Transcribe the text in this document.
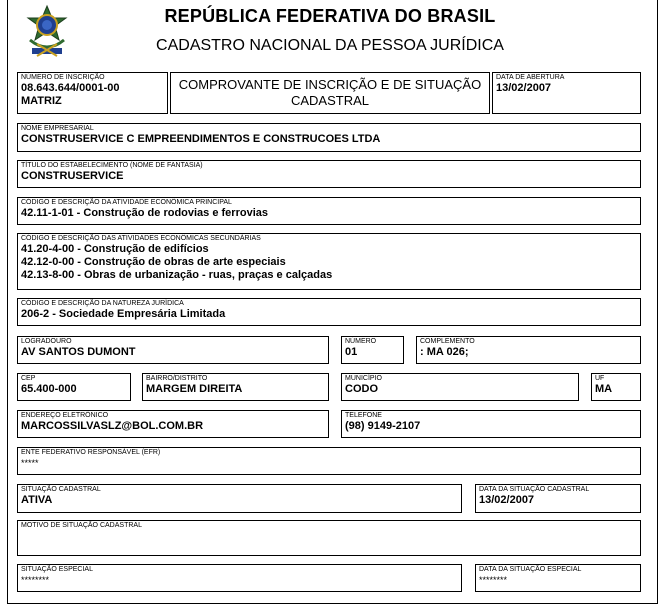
REPÚBLICA FEDERATIVA DO BRASIL
CADASTRO NACIONAL DA PESSOA JURÍDICA
NÚMERO DE INSCRIÇÃO
08.643.644/0001-00
MATRIZ
COMPROVANTE DE INSCRIÇÃO E DE SITUAÇÃO
CADASTRAL
DATA DE ABERTURA
13/02/2007
NOME EMPRESARIAL
CONSTRUSERVICE C EMPREENDIMENTOS E CONSTRUCOES LTDA
TÍTULO DO ESTABELECIMENTO (NOME DE FANTASIA)
CONSTRUSERVICE
CÓDIGO E DESCRIÇÃO DA ATIVIDADE ECONÔMICA PRINCIPAL
42.11-1-01 - Construção de rodovias e ferrovias
CÓDIGO E DESCRIÇÃO DAS ATIVIDADES ECONÔMICAS SECUNDÁRIAS
41.20-4-00 - Construção de edifícios
42.12-0-00 - Construção de obras de arte especiais
42.13-8-00 - Obras de urbanização - ruas, praças e calçadas
CÓDIGO E DESCRIÇÃO DA NATUREZA JURÍDICA
206-2 - Sociedade Empresária Limitada
LOGRADOURO
AV SANTOS DUMONT
NÚMERO
01
COMPLEMENTO
: MA 026;
CEP
65.400-000
BAIRRO/DISTRITO
MARGEM DIREITA
MUNICÍPIO
CODO
UF
MA
ENDEREÇO ELETRÔNICO
MARCOSSILVASLZ@BOL.COM.BR
TELEFONE
(98) 9149-2107
ENTE FEDERATIVO RESPONSÁVEL (EFR)
*****
SITUAÇÃO CADASTRAL
ATIVA
DATA DA SITUAÇÃO CADASTRAL
13/02/2007
MOTIVO DE SITUAÇÃO CADASTRAL
SITUAÇÃO ESPECIAL
********
DATA DA SITUAÇÃO ESPECIAL
********
